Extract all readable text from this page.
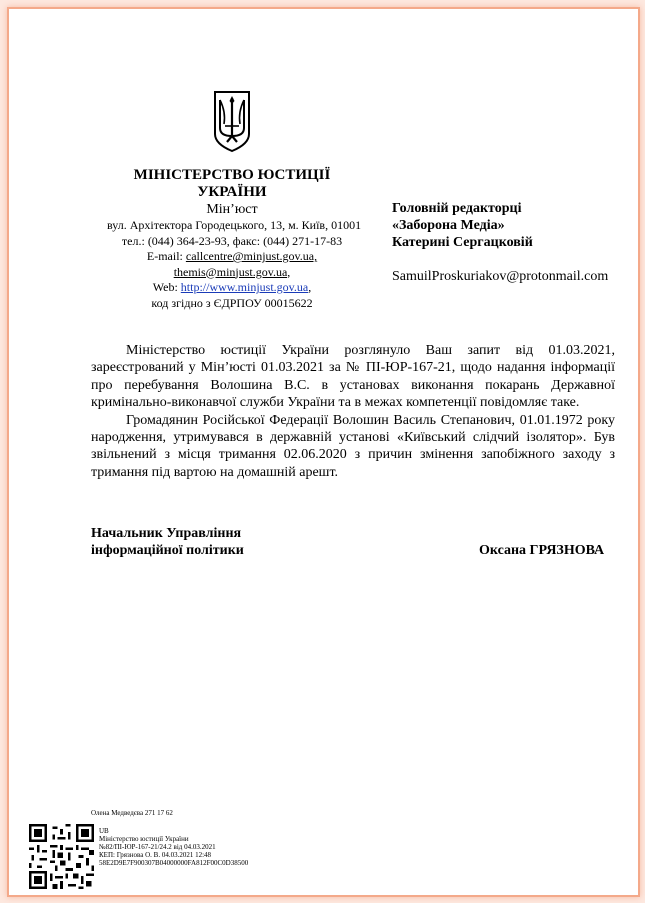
МІНІСТЕРСТВО ЮСТИЦІЇ

УКРАЇНИ

Мін’юст

вул. Архітектора Городецького, 13, м. Київ, 01001

тел.: (044) 364-23-93, факс: (044) 271-17-83

E-mail: callcentre@minjust.gov.ua,

themis@minjust.gov.ua,

Web: http://www.minjust.gov.ua,

код згідно з ЄДРПОУ 00015622

Головній редакторці
«Заборона Медіа»
Катерині Сергацковій
SamuilProskuriakov@protonmail.com

Міністерство юстиції України розглянуло Ваш запит від 01.03.2021, зареєстрований у Мін’юсті 01.03.2021 за № ПІ-ЮР-167-21, щодо надання інформації про перебування Волошина В.С. в установах виконання покарань Державної кримінально-виконавчої служби України та в межах компетенції повідомляє таке.

Громадянин Російської Федерації Волошин Василь Степанович, 01.01.1972 року народження, утримувався в державній установі «Київський слідчий ізолятор». Був звільнений з місця тримання 02.06.2020 з причин змінення запобіжного заходу з тримання під вартою на домашній арешт.

Начальник Управління
інформаційної політики	Оксана ГРЯЗНОВА
Олена Медведєва 271 17 62
UB
Міністерство юстиції України
№82/ПІ-ЮР-167-21/24.2 від 04.03.2021
КЕП: Грязнова О. В. 04.03.2021 12:48
58E2D9E7F900307B04000000FA812F00C0D38500
